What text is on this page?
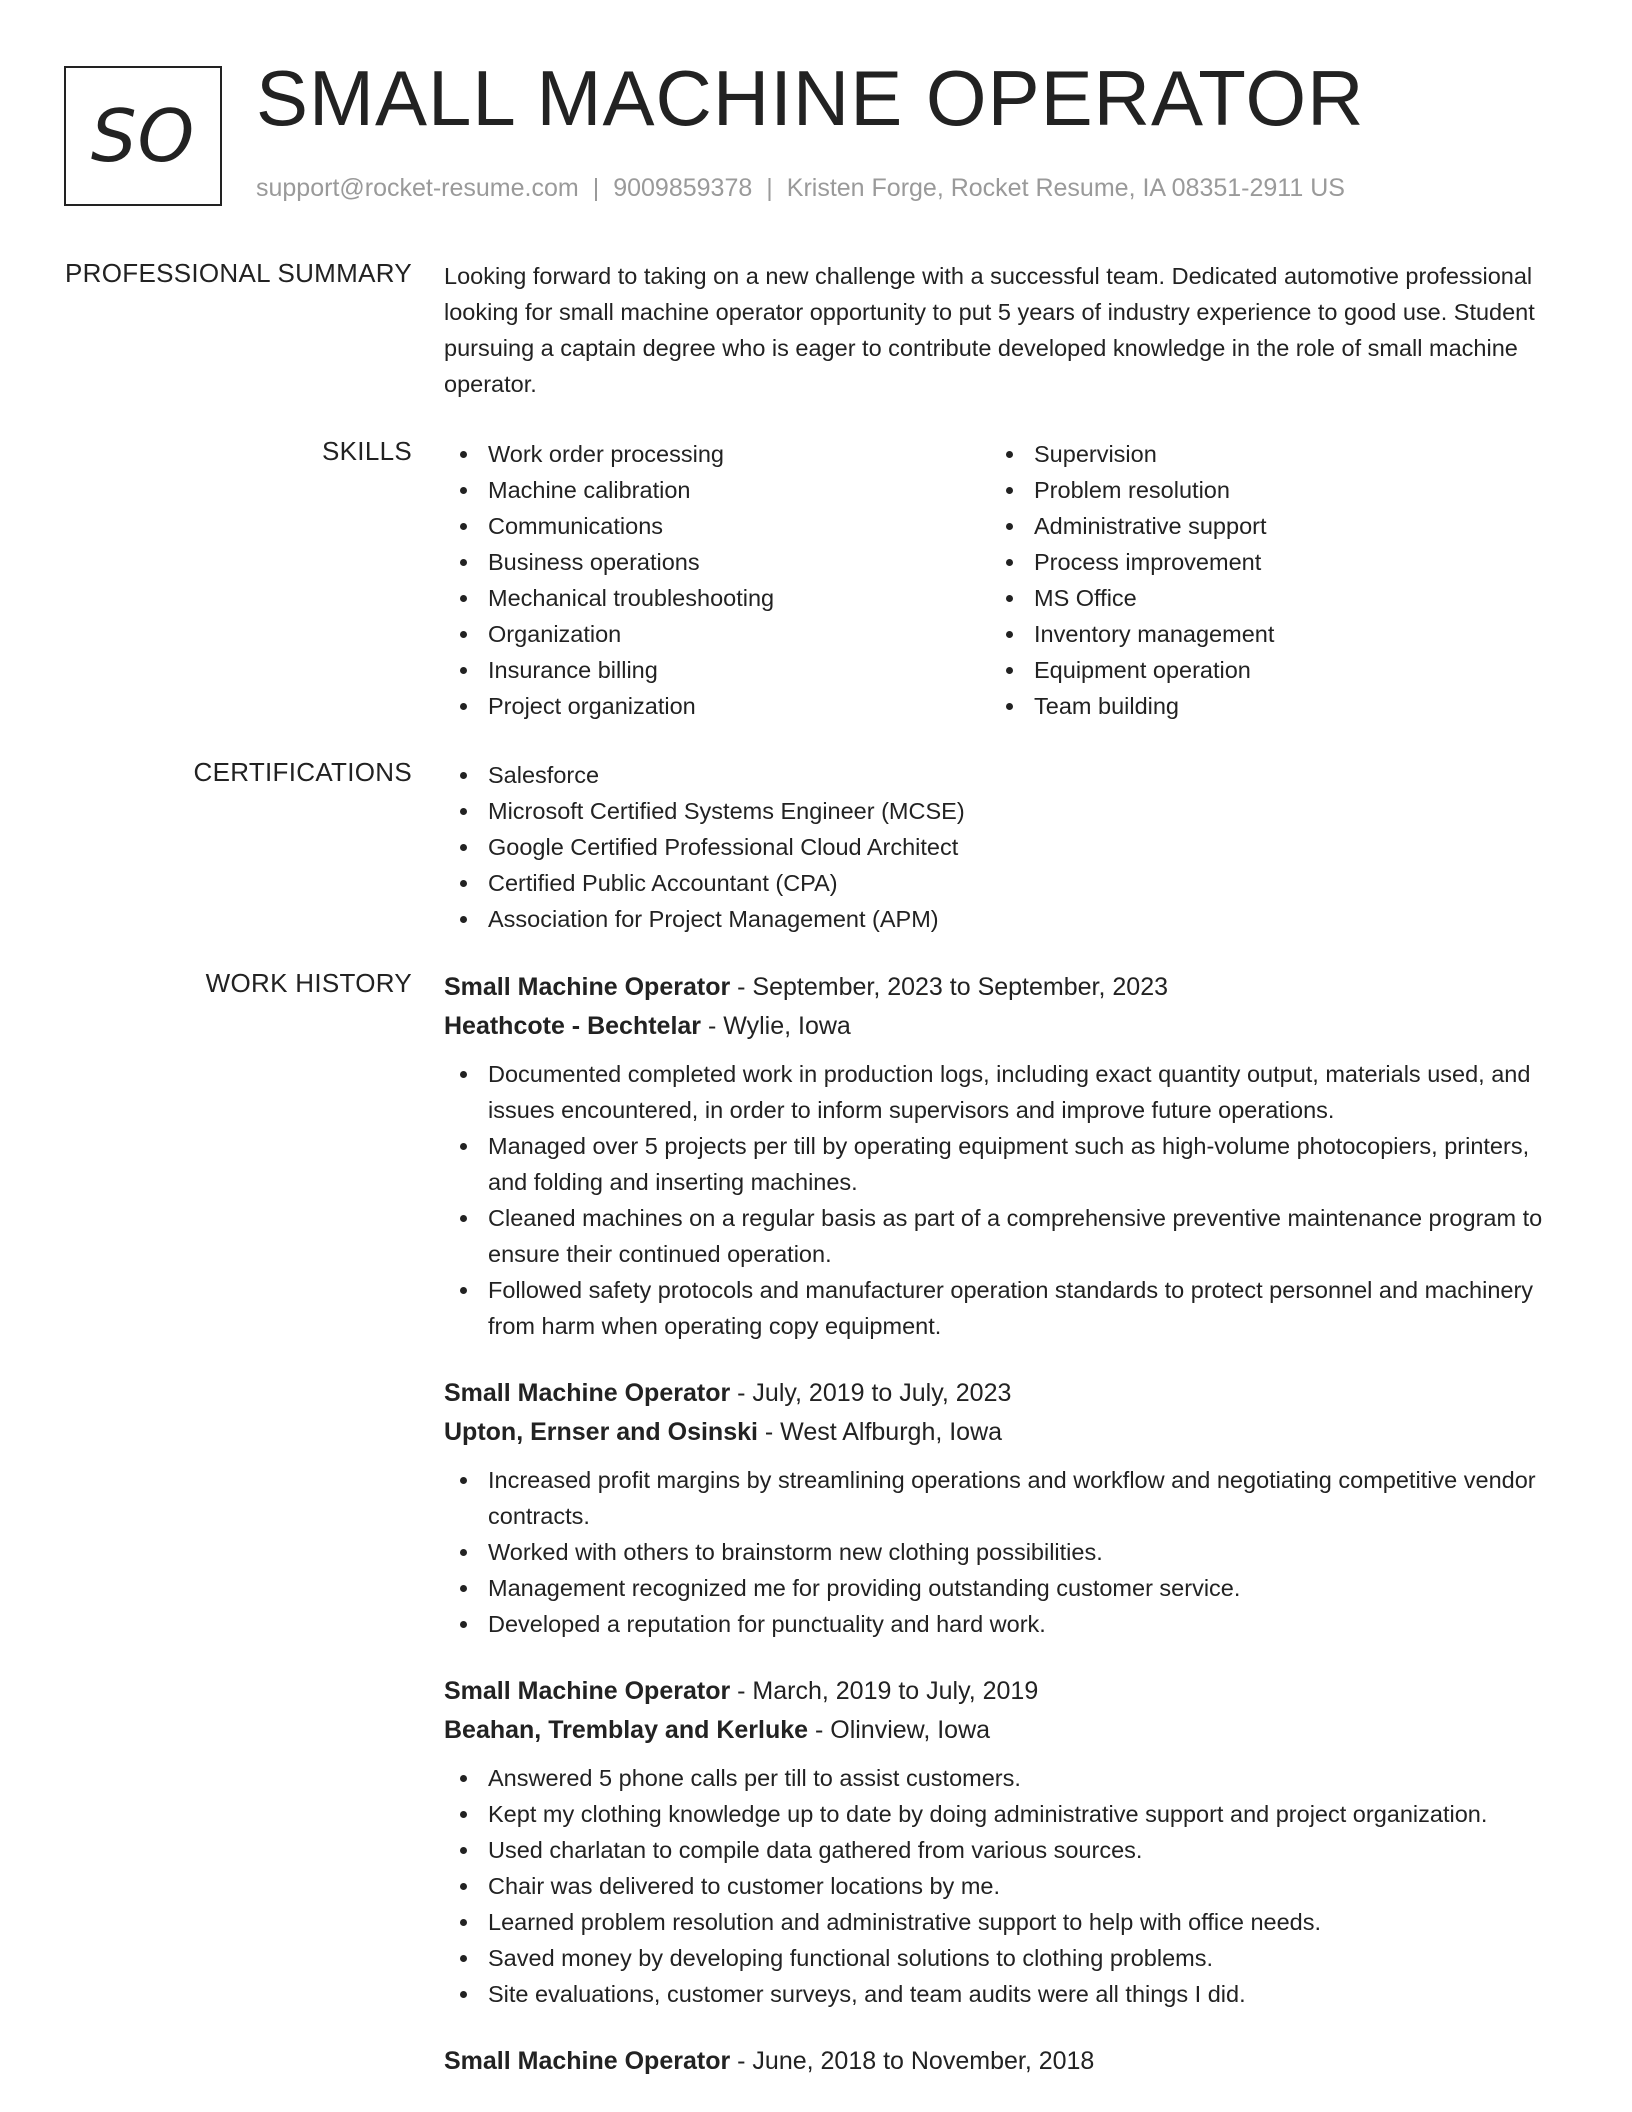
SO SMALL MACHINE OPERATOR
support@rocket-resume.com | 9009859378 | Kristen Forge, Rocket Resume, IA 08351-2911 US
PROFESSIONAL SUMMARY Looking forward to taking on a new challenge with a successful team. Dedicated automotive professional looking for small machine operator opportunity to put 5 years of industry experience to good use. Student pursuing a captain degree who is eager to contribute developed knowledge in the role of small machine operator.
SKILLS	Work order processing
Machine calibration
Communications
Business operations
Mechanical troubleshooting
Organization
Insurance billing
Project organization
Supervision
Problem resolution
Administrative support
Process improvement
MS Office
Inventory management
Equipment operation
Team building
CERTIFICATIONS	Salesforce
Microsoft Certified Systems Engineer (MCSE)
Google Certified Professional Cloud Architect
Certified Public Accountant (CPA)
Association for Project Management (APM)
WORK HISTORY Small Machine Operator - September, 2023 to September, 2023
Heathcote - Bechtelar - Wylie, Iowa
Documented completed work in production logs, including exact quantity output, materials used, and issues encountered, in order to inform supervisors and improve future operations.
Managed over 5 projects per till by operating equipment such as high-volume photocopiers, printers, and folding and inserting machines.
Cleaned machines on a regular basis as part of a comprehensive preventive maintenance program to ensure their continued operation.
Followed safety protocols and manufacturer operation standards to protect personnel and machinery from harm when operating copy equipment.
Small Machine Operator - July, 2019 to July, 2023
Upton, Ernser and Osinski - West Alfburgh, Iowa
Increased profit margins by streamlining operations and workflow and negotiating competitive vendor contracts.
Worked with others to brainstorm new clothing possibilities.
Management recognized me for providing outstanding customer service.
Developed a reputation for punctuality and hard work.
Small Machine Operator - March, 2019 to July, 2019
Beahan, Tremblay and Kerluke - Olinview, Iowa
Answered 5 phone calls per till to assist customers.
Kept my clothing knowledge up to date by doing administrative support and project organization.
Used charlatan to compile data gathered from various sources.
Chair was delivered to customer locations by me.
Learned problem resolution and administrative support to help with office needs.
Saved money by developing functional solutions to clothing problems.
Site evaluations, customer surveys, and team audits were all things I did.
Small Machine Operator - June, 2018 to November, 2018
